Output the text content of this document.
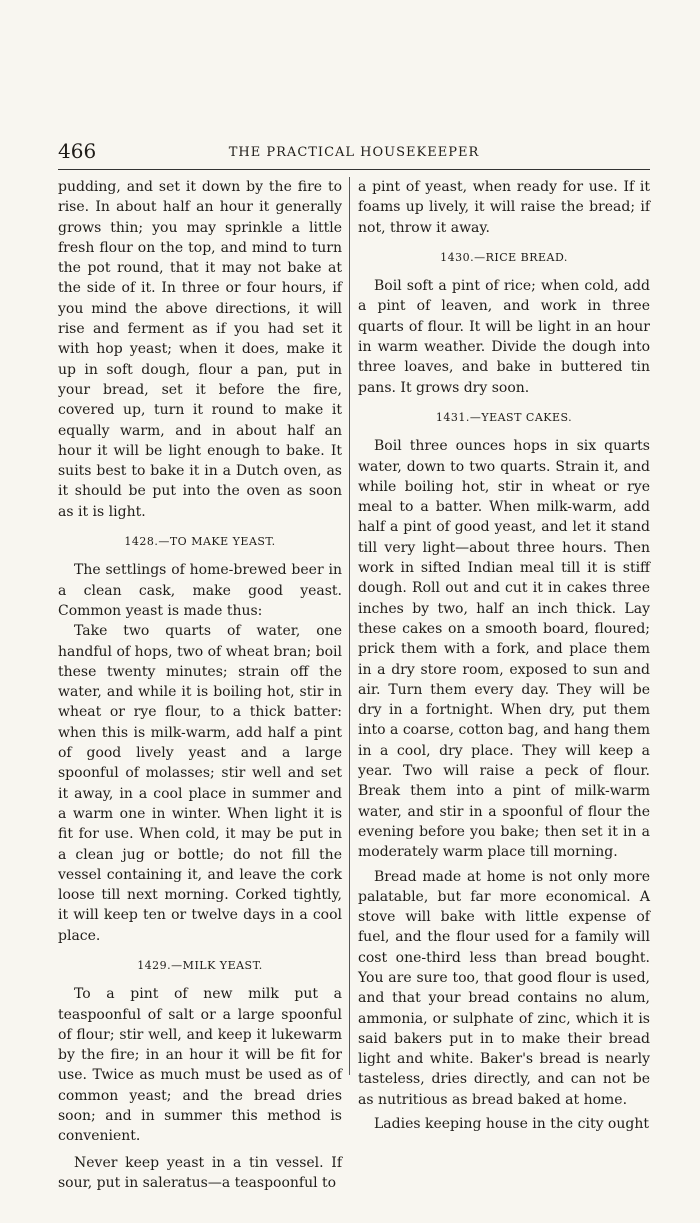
466	THE PRACTICAL HOUSEKEEPER

pudding, and set it down by the fire to rise. In about half an hour it generally grows thin; you may sprinkle a little fresh flour on the top, and mind to turn the pot round, that it may not bake at the side of it. In three or four hours, if you mind the above directions, it will rise and ferment as if you had set it with hop yeast; when it does, make it up in soft dough, flour a pan, put in your bread, set it before the fire, covered up, turn it round to make it equally warm, and in about half an hour it will be light enough to bake. It suits best to bake it in a Dutch oven, as it should be put into the oven as soon as it is light.

1428.—TO MAKE YEAST.

The settlings of home-brewed beer in a clean cask, make good yeast. Common yeast is made thus:

Take two quarts of water, one handful of hops, two of wheat bran; boil these twenty minutes; strain off the water, and while it is boiling hot, stir in wheat or rye flour, to a thick batter: when this is milk-warm, add half a pint of good lively yeast and a large spoonful of molasses; stir well and set it away, in a cool place in summer and a warm one in winter. When light it is fit for use. When cold, it may be put in a clean jug or bottle; do not fill the vessel containing it, and leave the cork loose till next morning. Corked tightly, it will keep ten or twelve days in a cool place.

1429.—MILK YEAST.

To a pint of new milk put a teaspoonful of salt or a large spoonful of flour; stir well, and keep it lukewarm by the fire; in an hour it will be fit for use. Twice as much must be used as of common yeast; and the bread dries soon; and in summer this method is convenient.

Never keep yeast in a tin vessel. If sour, put in saleratus—a teaspoonful to

a pint of yeast, when ready for use. If it foams up lively, it will raise the bread; if not, throw it away.

1430.—RICE BREAD.

Boil soft a pint of rice; when cold, add a pint of leaven, and work in three quarts of flour. It will be light in an hour in warm weather. Divide the dough into three loaves, and bake in buttered tin pans. It grows dry soon.

1431.—YEAST CAKES.

Boil three ounces hops in six quarts water, down to two quarts. Strain it, and while boiling hot, stir in wheat or rye meal to a batter. When milk-warm, add half a pint of good yeast, and let it stand till very light—about three hours. Then work in sifted Indian meal till it is stiff dough. Roll out and cut it in cakes three inches by two, half an inch thick. Lay these cakes on a smooth board, floured; prick them with a fork, and place them in a dry store room, exposed to sun and air. Turn them every day. They will be dry in a fortnight. When dry, put them into a coarse, cotton bag, and hang them in a cool, dry place. They will keep a year. Two will raise a peck of flour. Break them into a pint of milk-warm water, and stir in a spoonful of flour the evening before you bake; then set it in a moderately warm place till morning.

Bread made at home is not only more palatable, but far more economical. A stove will bake with little expense of fuel, and the flour used for a family will cost one-third less than bread bought. You are sure too, that good flour is used, and that your bread contains no alum, ammonia, or sulphate of zinc, which it is said bakers put in to make their bread light and white. Baker's bread is nearly tasteless, dries directly, and can not be as nutritious as bread baked at home.

Ladies keeping house in the city ought
